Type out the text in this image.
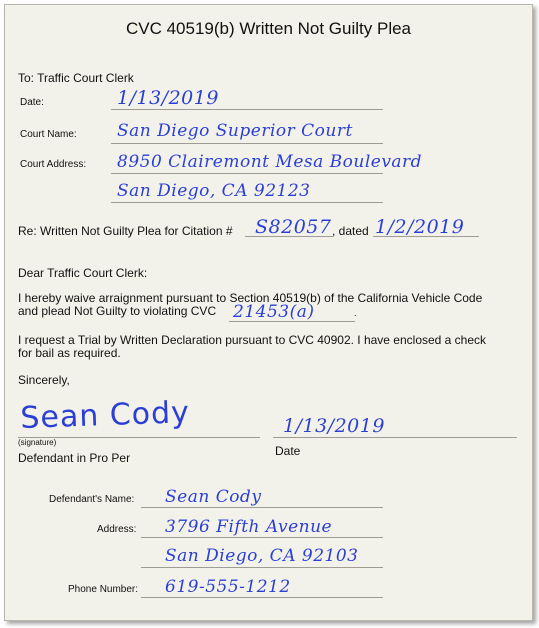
CVC 40519(b) Written Not Guilty Plea
To: Traffic Court Clerk
Date:	1/13/2019
Court Name: San Diego Superior Court
Court Address: 8950 Clairemont Mesa Boulevard
San Diego, CA 92123
Re: Written Not Guilty Plea for Citation # S82057 , dated 1/2/2019
Dear Traffic Court Clerk:
I hereby waive arraignment pursuant to Section 40519(b) of the California Vehicle Code
and plead Not Guilty to violating CVC 21453(a)	.
I request a Trial by Written Declaration pursuant to CVC 40902. I have enclosed a check
for bail as required.
Sincerely,
Sean Cody
(signature)
Defendant in Pro Per
1/13/2019
Date
Defendant's Name: Sean Cody
Address: 3796 Fifth Avenue
San Diego, CA 92103
Phone Number: 619-555-1212
